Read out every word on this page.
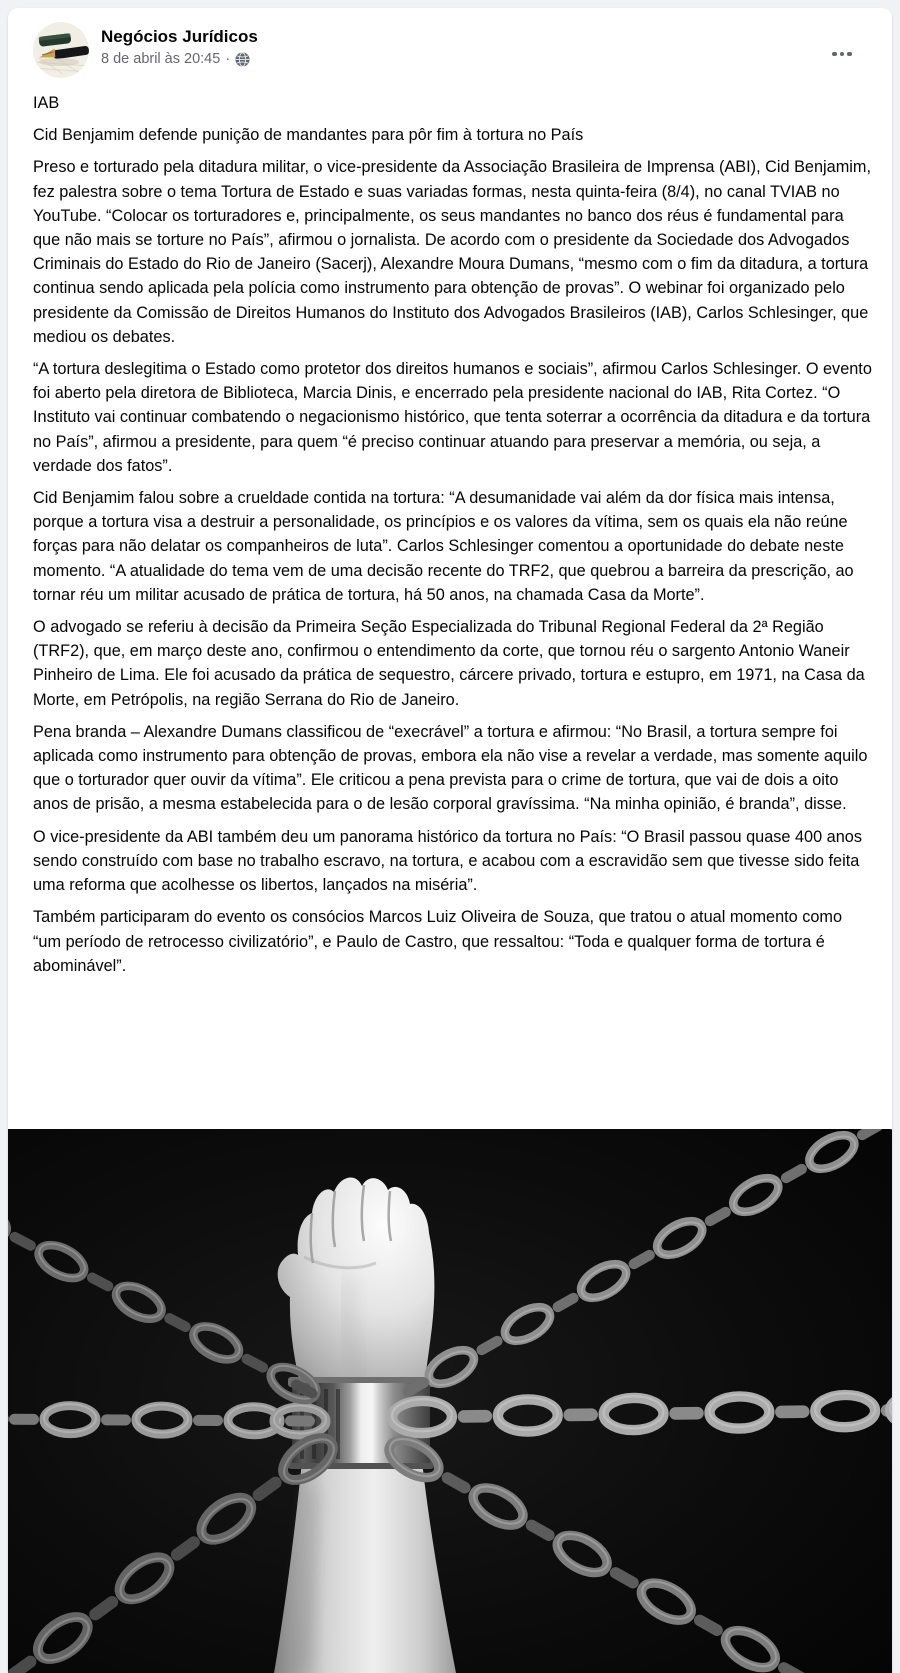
Negócios Jurídicos
8 de abril às 20:45 ·

IAB

Cid Benjamim defende punição de mandantes para pôr fim à tortura no País

Preso e torturado pela ditadura militar, o vice-presidente da Associação Brasileira de Imprensa (ABI), Cid Benjamim, fez palestra sobre o tema Tortura de Estado e suas variadas formas, nesta quinta-feira (8/4), no canal TVIAB no YouTube. “Colocar os torturadores e, principalmente, os seus mandantes no banco dos réus é fundamental para que não mais se torture no País”, afirmou o jornalista. De acordo com o presidente da Sociedade dos Advogados Criminais do Estado do Rio de Janeiro (Sacerj), Alexandre Moura Dumans, “mesmo com o fim da ditadura, a tortura continua sendo aplicada pela polícia como instrumento para obtenção de provas”. O webinar foi organizado pelo presidente da Comissão de Direitos Humanos do Instituto dos Advogados Brasileiros (IAB), Carlos Schlesinger, que mediou os debates.

“A tortura deslegitima o Estado como protetor dos direitos humanos e sociais”, afirmou Carlos Schlesinger. O evento foi aberto pela diretora de Biblioteca, Marcia Dinis, e encerrado pela presidente nacional do IAB, Rita Cortez. “O Instituto vai continuar combatendo o negacionismo histórico, que tenta soterrar a ocorrência da ditadura e da tortura no País”, afirmou a presidente, para quem “é preciso continuar atuando para preservar a memória, ou seja, a verdade dos fatos”.

Cid Benjamim falou sobre a crueldade contida na tortura: “A desumanidade vai além da dor física mais intensa, porque a tortura visa a destruir a personalidade, os princípios e os valores da vítima, sem os quais ela não reúne forças para não delatar os companheiros de luta”. Carlos Schlesinger comentou a oportunidade do debate neste momento. “A atualidade do tema vem de uma decisão recente do TRF2, que quebrou a barreira da prescrição, ao tornar réu um militar acusado de prática de tortura, há 50 anos, na chamada Casa da Morte”.

O advogado se referiu à decisão da Primeira Seção Especializada do Tribunal Regional Federal da 2ª Região (TRF2), que, em março deste ano, confirmou o entendimento da corte, que tornou réu o sargento Antonio Waneir Pinheiro de Lima. Ele foi acusado da prática de sequestro, cárcere privado, tortura e estupro, em 1971, na Casa da Morte, em Petrópolis, na região Serrana do Rio de Janeiro.

Pena branda – Alexandre Dumans classificou de “execrável” a tortura e afirmou: “No Brasil, a tortura sempre foi aplicada como instrumento para obtenção de provas, embora ela não vise a revelar a verdade, mas somente aquilo que o torturador quer ouvir da vítima”. Ele criticou a pena prevista para o crime de tortura, que vai de dois a oito anos de prisão, a mesma estabelecida para o de lesão corporal gravíssima. “Na minha opinião, é branda”, disse.

O vice-presidente da ABI também deu um panorama histórico da tortura no País: “O Brasil passou quase 400 anos sendo construído com base no trabalho escravo, na tortura, e acabou com a escravidão sem que tivesse sido feita uma reforma que acolhesse os libertos, lançados na miséria”.

Também participaram do evento os consócios Marcos Luiz Oliveira de Souza, que tratou o atual momento como “um período de retrocesso civilizatório”, e Paulo de Castro, que ressaltou: “Toda e qualquer forma de tortura é abominável”.
